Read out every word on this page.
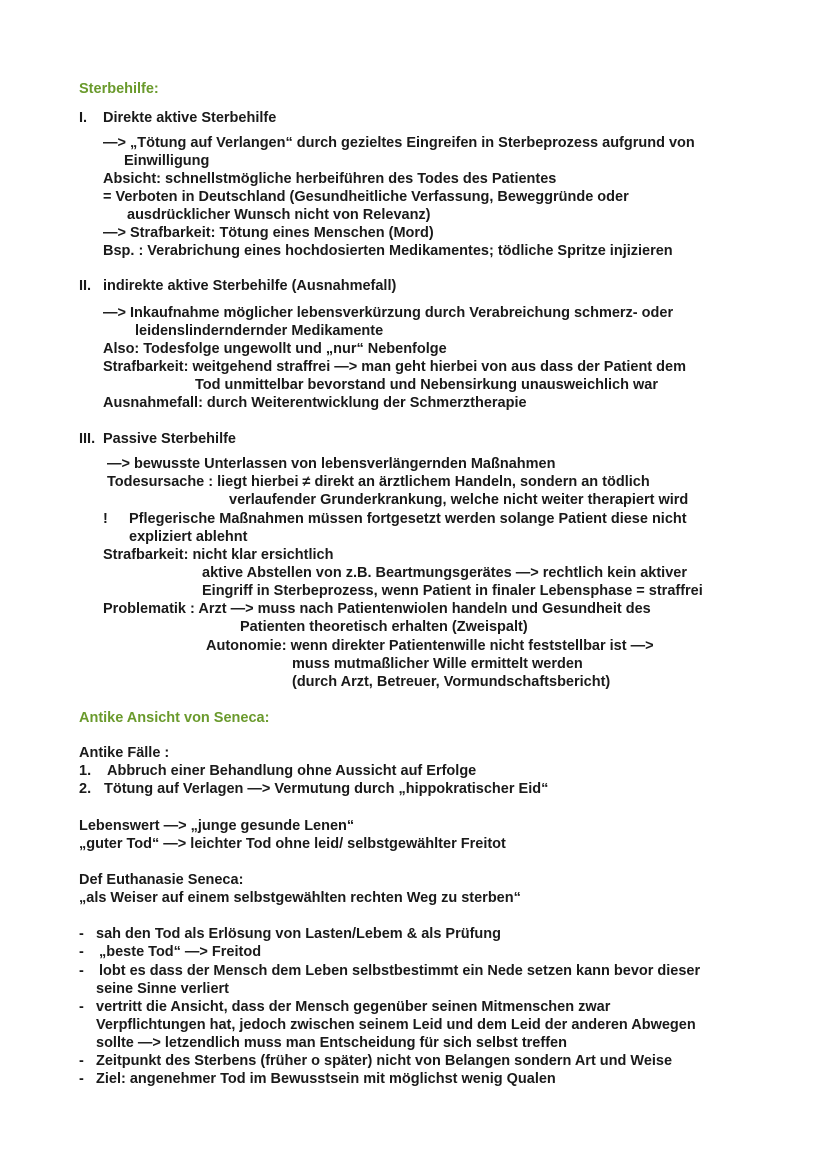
Sterbehilfe:
I. Direkte aktive Sterbehilfe
—> „Tötung auf Verlangen“ durch gezieltes Eingreifen in Sterbeprozess aufgrund von
Einwilligung
Absicht: schnellstmögliche herbeiführen des Todes des Patientes
= Verboten in Deutschland (Gesundheitliche Verfassung, Beweggründe oder
ausdrücklicher Wunsch nicht von Relevanz)
—> Strafbarkeit: Tötung eines Menschen (Mord)
Bsp. : Verabrichung eines hochdosierten Medikamentes; tödliche Spritze injizieren
II. indirekte aktive Sterbehilfe (Ausnahmefall)
—> Inkaufnahme möglicher lebensverkürzung durch Verabreichung schmerz- oder
leidenslinderndernder Medikamente
Also: Todesfolge ungewollt und „nur“ Nebenfolge
Strafbarkeit: weitgehend straffrei —> man geht hierbei von aus dass der Patient dem
Tod unmittelbar bevorstand und Nebensirkung unausweichlich war
Ausnahmefall: durch Weiterentwicklung der Schmerztherapie
III. Passive Sterbehilfe
—> bewusste Unterlassen von lebensverlängernden Maßnahmen
Todesursache : liegt hierbei ≠ direkt an ärztlichem Handeln, sondern an tödlich
verlaufender Grunderkrankung, welche nicht weiter therapiert wird
! Pflegerische Maßnahmen müssen fortgesetzt werden solange Patient diese nicht
expliziert ablehnt
Strafbarkeit: nicht klar ersichtlich
aktive Abstellen von z.B. Beartmungsgerätes —> rechtlich kein aktiver
Eingriff in Sterbeprozess, wenn Patient in finaler Lebensphase = straffrei
Problematik : Arzt —> muss nach Patientenwiolen handeln und Gesundheit des
Patienten theoretisch erhalten (Zweispalt)
Autonomie: wenn direkter Patientenwille nicht feststellbar ist —>
muss mutmaßlicher Wille ermittelt werden
(durch Arzt, Betreuer, Vormundschaftsbericht)
Antike Ansicht von Seneca:
Antike Fälle :
1. Abbruch einer Behandlung ohne Aussicht auf Erfolge
2. Tötung auf Verlagen —> Vermutung durch „hippokratischer Eid“
Lebenswert —> „junge gesunde Lenen“
„guter Tod“ —> leichter Tod ohne leid/ selbstgewählter Freitot
Def Euthanasie Seneca:
„als Weiser auf einem selbstgewählten rechten Weg zu sterben“
- sah den Tod als Erlösung von Lasten/Lebem & als Prüfung
- „beste Tod“ —> Freitod
- lobt es dass der Mensch dem Leben selbstbestimmt ein Nede setzen kann bevor dieser
seine Sinne verliert
- vertritt die Ansicht, dass der Mensch gegenüber seinen Mitmenschen zwar
Verpflichtungen hat, jedoch zwischen seinem Leid und dem Leid der anderen Abwegen
sollte —> letzendlich muss man Entscheidung für sich selbst treffen
- Zeitpunkt des Sterbens (früher o später) nicht von Belangen sondern Art und Weise
- Ziel: angenehmer Tod im Bewusstsein mit möglichst wenig Qualen
